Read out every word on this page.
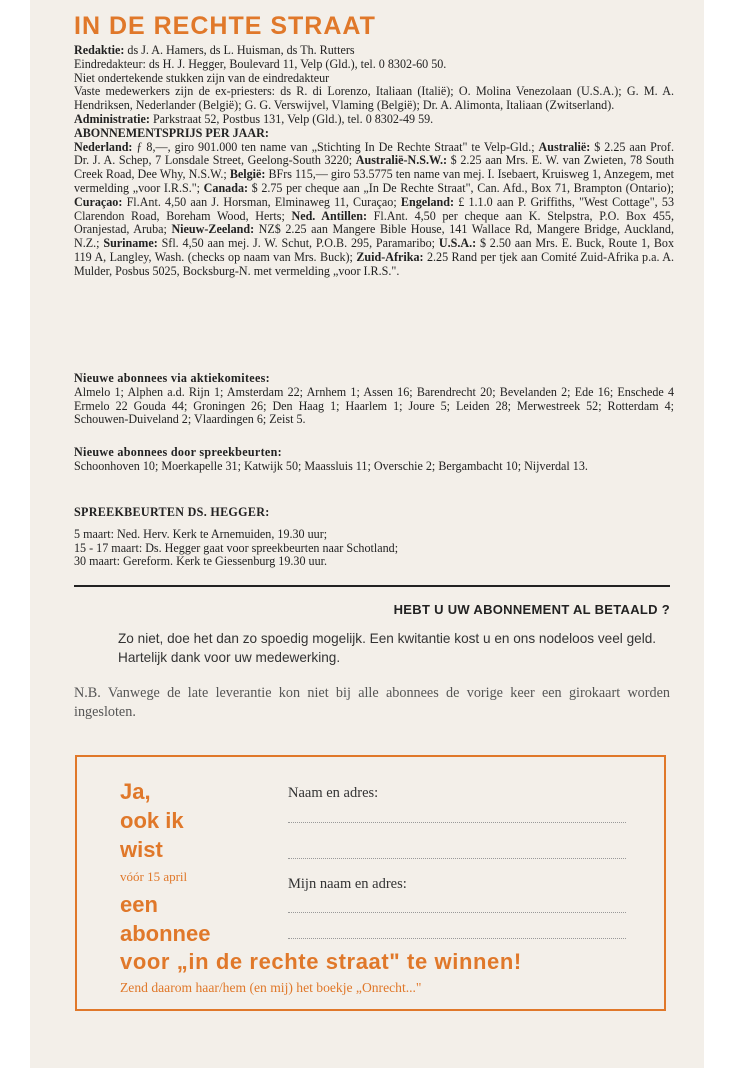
IN DE RECHTE STRAAT

Redaktie: ds J. A. Hamers, ds L. Huisman, ds Th. Rutters

Eindredakteur: ds H. J. Hegger, Boulevard 11, Velp (Gld.), tel. 0 8302-60 50.

Niet ondertekende stukken zijn van de eindredakteur

Vaste medewerkers zijn de ex-priesters: ds R. di Lorenzo, Italiaan (Italië); O. Molina Venezolaan (U.S.A.); G. M. A. Hendriksen, Nederlander (België); G. G. Verswijvel, Vlaming (België); Dr. A. Alimonta, Italiaan (Zwitserland).

Administratie: Parkstraat 52, Postbus 131, Velp (Gld.), tel. 0 8302-49 59.

ABONNEMENTSPRIJS PER JAAR:

Nederland: ƒ 8,—, giro 901.000 ten name van „Stichting In De Rechte Straat" te Velp-Gld.; Australië: $ 2.25 aan Prof. Dr. J. A. Schep, 7 Lonsdale Street, Geelong-South 3220; Australië-N.S.W.: $ 2.25 aan Mrs. E. W. van Zwieten, 78 South Creek Road, Dee Why, N.S.W.; België: BFrs 115,— giro 53.5775 ten name van mej. I. Isebaert, Kruisweg 1, Anzegem, met vermelding „voor I.R.S."; Canada: $ 2.75 per cheque aan „In De Rechte Straat", Can. Afd., Box 71, Brampton (Ontario); Curaçao: Fl.Ant. 4,50 aan J. Horsman, Elminaweg 11, Curaçao; Engeland: £ 1.1.0 aan P. Griffiths, "West Cottage", 53 Clarendon Road, Boreham Wood, Herts; Ned. Antillen: Fl.Ant. 4,50 per cheque aan K. Stelpstra, P.O. Box 455, Oranjestad, Aruba; Nieuw-Zeeland: NZ$ 2.25 aan Mangere Bible House, 141 Wallace Rd, Mangere Bridge, Auckland, N.Z.; Suriname: Sfl. 4,50 aan mej. J. W. Schut, P.O.B. 295, Paramaribo; U.S.A.: $ 2.50 aan Mrs. E. Buck, Route 1, Box 119 A, Langley, Wash. (checks op naam van Mrs. Buck); Zuid-Afrika: 2.25 Rand per tjek aan Comité Zuid-Afrika p.a. A. Mulder, Posbus 5025, Bocksburg-N. met vermelding „voor I.R.S.".

Nieuwe abonnees via aktiekomitees:

Almelo 1; Alphen a.d. Rijn 1; Amsterdam 22; Arnhem 1; Assen 16; Barendrecht 20; Bevelanden 2; Ede 16; Enschede 4 Ermelo 22 Gouda 44; Groningen 26; Den Haag 1; Haarlem 1; Joure 5; Leiden 28; Merwestreek 52; Rotterdam 4; Schouwen-Duiveland 2; Vlaardingen 6; Zeist 5.

Nieuwe abonnees door spreekbeurten:

Schoonhoven 10; Moerkapelle 31; Katwijk 50; Maassluis 11; Overschie 2; Bergambacht 10; Nijverdal 13.

SPREEKBEURTEN DS. HEGGER:

5 maart: Ned. Herv. Kerk te Arnemuiden, 19.30 uur;

15 - 17 maart: Ds. Hegger gaat voor spreekbeurten naar Schotland;

30 maart: Gereform. Kerk te Giessenburg 19.30 uur.

HEBT U UW ABONNEMENT AL BETAALD ?
Zo niet, doe het dan zo spoedig mogelijk. Een kwitantie kost u en ons nodeloos veel geld. Hartelijk dank voor uw medewerking.
N.B. Vanwege de late leverantie kon niet bij alle abonnees de vorige keer een girokaart worden ingesloten.
Ja,
ook ik
wist
vóór 15 april
een
abonnee
Naam en adres:
Mijn naam en adres:
voor „in de rechte straat" te winnen!
Zend daarom haar/hem (en mij) het boekje „Onrecht..."
